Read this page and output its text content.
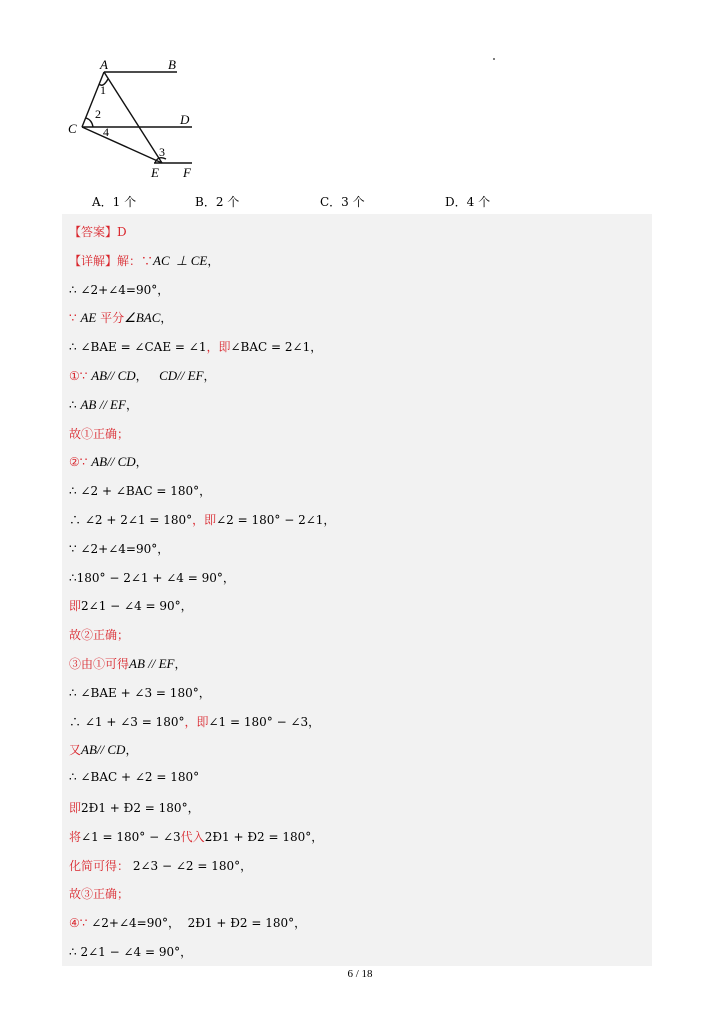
A	B
C
D
E F
1
2
3
4
A．1 个	B．2 个	C．3 个	D．4 个
【答案】D
【详解】解：∵AC  ⊥ CE，
∴ ∠2+∠4=90°，
∵ AE 平分∠BAC，
∴ ∠BAE = ∠CAE = ∠1，即∠BAC = 2∠1，
①∵ AB// CD，   CD// EF，
∴ AB // EF，
故①正确；
②∵ AB// CD，
∴ ∠2 + ∠BAC = 180°，
∴ ∠2 + 2∠1 = 180°，即∠2 = 180° − 2∠1，
∵ ∠2+∠4=90°，
∴180° − 2∠1 + ∠4 = 90°，
即2∠1 − ∠4 = 90°，
故②正确；
③由①可得AB // EF，
∴ ∠BAE + ∠3 = 180°，
∴ ∠1 + ∠3 = 180°，即∠1 = 180° − ∠3，
又AB// CD，
∴ ∠BAC + ∠2 = 180°
即2Ð1 + Ð2 = 180°，
将∠1 = 180° − ∠3代入2Ð1 + Ð2 = 180°，
化简可得： 2∠3 − ∠2 = 180°，
故③正确；
④∵ ∠2+∠4=90°，  2Ð1 + Ð2 = 180°，
∴ 2∠1 − ∠4 = 90°，
6 / 18
